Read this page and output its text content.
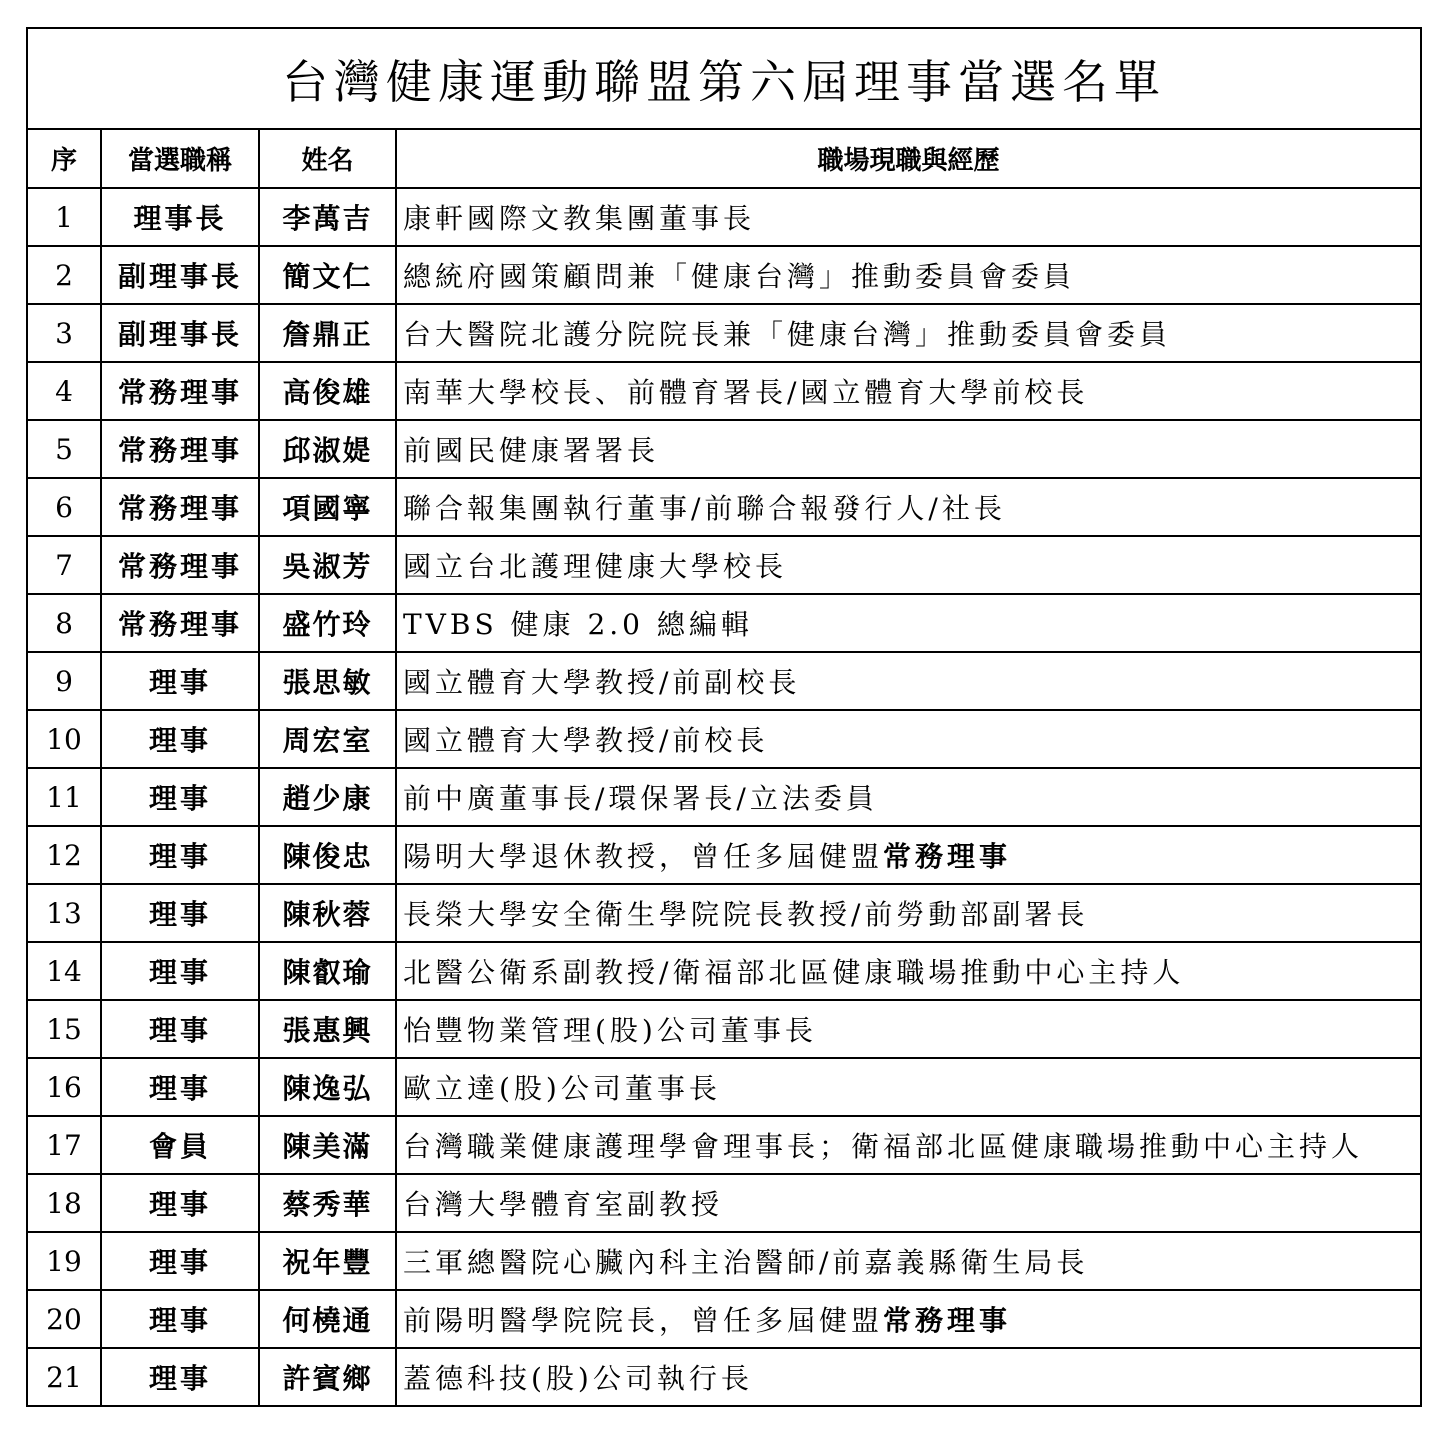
台灣健康運動聯盟第六屆理事當選名單			
序	當選職稱	姓名	職場現職與經歷
1	理事長	李萬吉	康軒國際文教集團董事長
2	副理事長	簡文仁	總統府國策顧問兼「健康台灣」推動委員會委員
3	副理事長	詹鼎正	台大醫院北護分院院長兼「健康台灣」推動委員會委員
4	常務理事	高俊雄	南華大學校長、前體育署長/國立體育大學前校長
5	常務理事	邱淑媞	前國民健康署署長
6	常務理事	項國寧	聯合報集團執行董事/前聯合報發行人/社長
7	常務理事	吳淑芳	國立台北護理健康大學校長
8	常務理事	盛竹玲	TVBS 健康 2.0 總編輯
9	理事	張思敏	國立體育大學教授/前副校長
10	理事	周宏室	國立體育大學教授/前校長
11	理事	趙少康	前中廣董事長/環保署長/立法委員
12	理事	陳俊忠	陽明大學退休教授，曾任多屆健盟常務理事
13	理事	陳秋蓉	長榮大學安全衛生學院院長教授/前勞動部副署長
14	理事	陳叡瑜	北醫公衛系副教授/衛福部北區健康職場推動中心主持人
15	理事	張惠興	怡豐物業管理(股)公司董事長
16	理事	陳逸弘	歐立達(股)公司董事長
17	會員	陳美滿	台灣職業健康護理學會理事長；衛福部北區健康職場推動中心主持人
18	理事	蔡秀華	台灣大學體育室副教授
19	理事	祝年豐	三軍總醫院心臟內科主治醫師/前嘉義縣衛生局長
20	理事	何橈通	前陽明醫學院院長，曾任多屆健盟常務理事
21	理事	許賓鄉	蓋德科技(股)公司執行長
